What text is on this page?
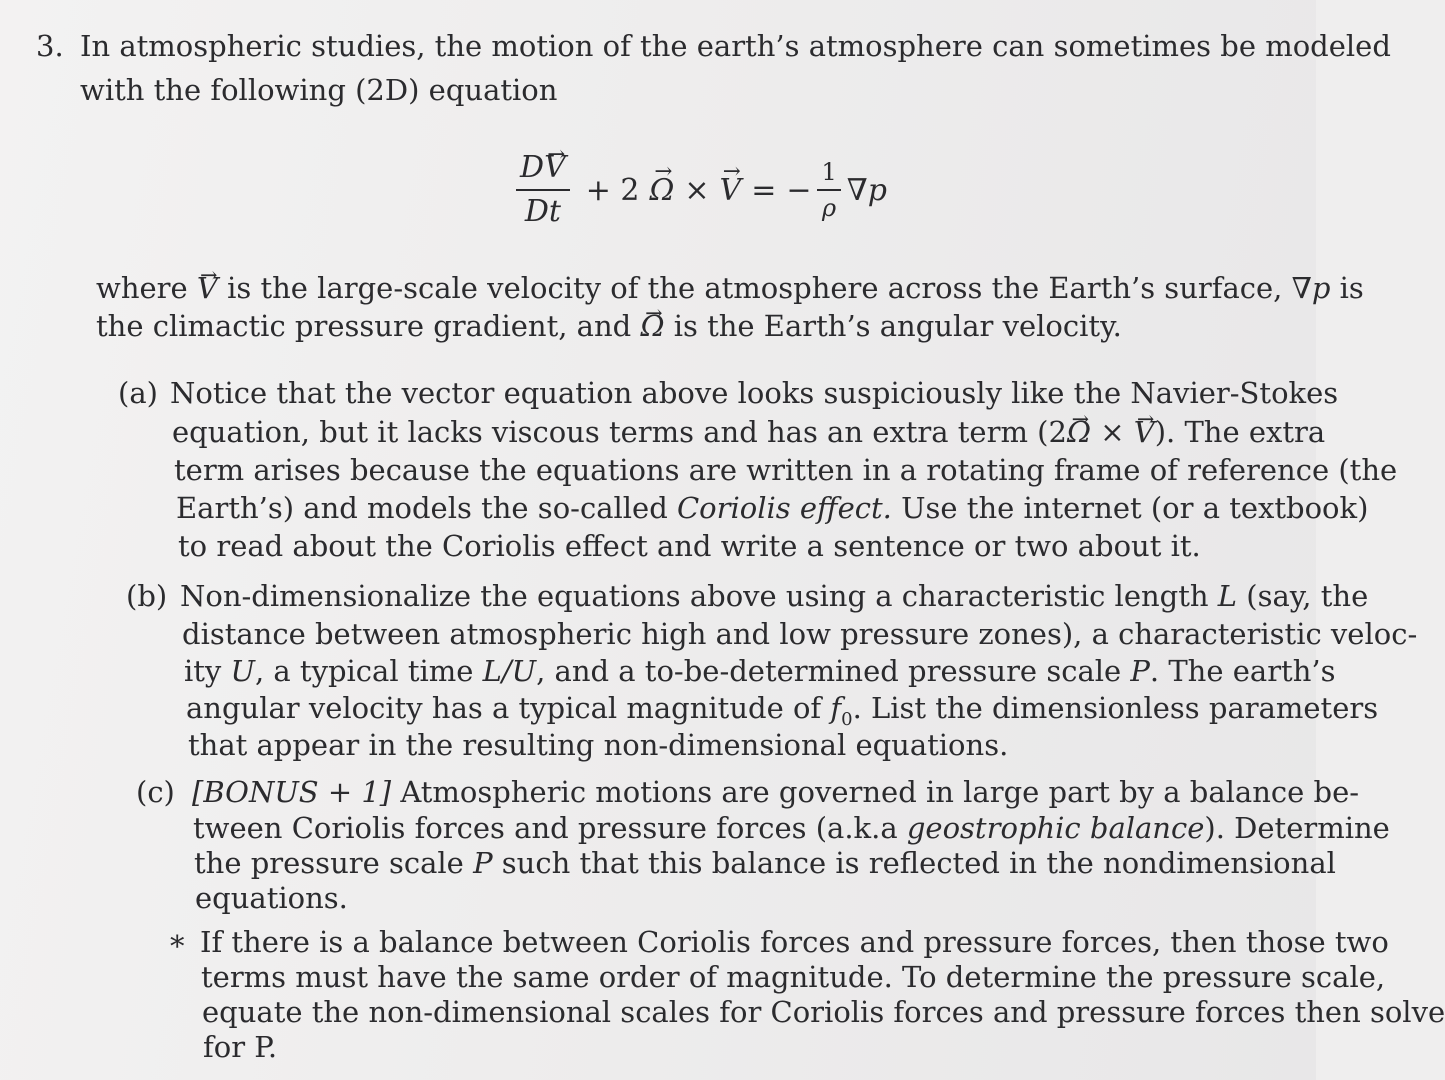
3. In atmospheric studies, the motion of the earth’s atmosphere can sometimes be modeled
with the following (2D) equation
$\frac{D\to V}{Dt} + 2$
→ Ω ×
→ V = − $\frac{1}{\rho} \nabla p$
where → V is the large-scale velocity of the atmosphere across the Earth’s surface, ∇p is
the climactic pressure gradient, and → Ω is the Earth’s angular velocity.
(a) Notice that the vector equation above looks suspiciously like the Navier-Stokes
equation, but it lacks viscous terms and has an extra term (2→ Ω × → V). The extra
term arises because the equations are written in a rotating frame of reference (the
Earth’s) and models the so-called Coriolis effect. Use the internet (or a textbook)
to read about the Coriolis effect and write a sentence or two about it.
(b) Non-dimensionalize the equations above using a characteristic length L (say, the
distance between atmospheric high and low pressure zones), a characteristic veloc-
ity U, a typical time L/U, and a to-be-determined pressure scale P. The earth’s
angular velocity has a typical magnitude of $f_0$. List the dimensionless parameters
that appear in the resulting non-dimensional equations.
(c) [BONUS + 1] Atmospheric motions are governed in large part by a balance be-
tween Coriolis forces and pressure forces (a.k.a geostrophic balance). Determine
the pressure scale P such that this balance is reflected in the nondimensional
equations.
* If there is a balance between Coriolis forces and pressure forces, then those two
terms must have the same order of magnitude. To determine the pressure scale,
equate the non-dimensional scales for Coriolis forces and pressure forces then solve
for P.
